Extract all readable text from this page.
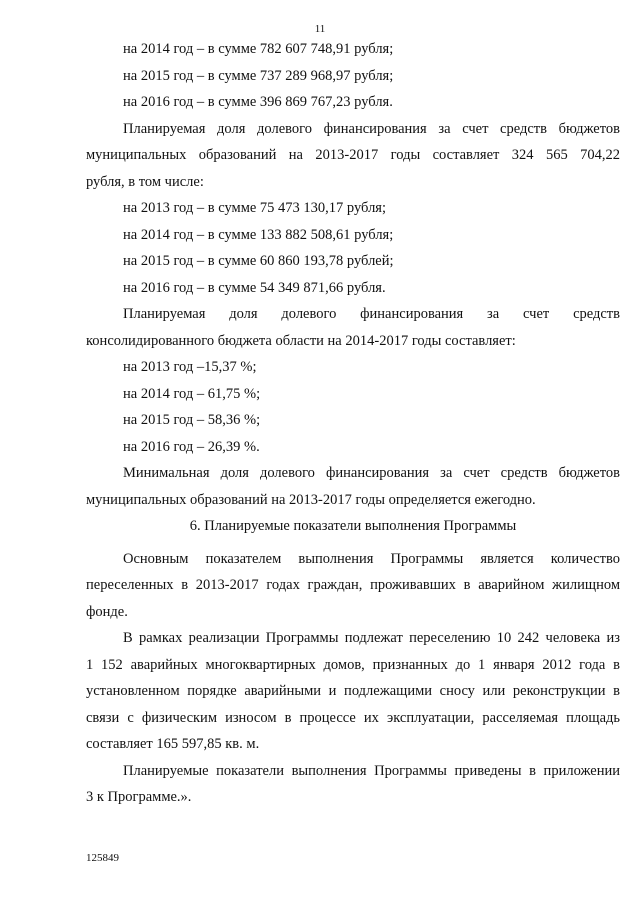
11
на 2014 год – в сумме 782 607 748,91 рубля;
на 2015 год – в сумме 737 289 968,97 рубля;
на 2016 год – в сумме 396 869 767,23 рубля.
Планируемая доля долевого финансирования за счет средств бюджетов
муниципальных образований на 2013-2017 годы составляет 324 565 704,22
рубля, в том числе:
на 2013 год – в сумме 75 473 130,17 рубля;
на 2014 год – в сумме 133 882 508,61 рубля;
на 2015 год – в сумме 60 860 193,78 рублей;
на 2016 год – в сумме 54 349 871,66 рубля.
Планируемая доля долевого финансирования за счет средств
консолидированного бюджета области на 2014-2017 годы составляет:
на 2013 год –15,37 %;
на 2014 год – 61,75 %;
на 2015 год – 58,36 %;
на 2016 год – 26,39 %.
Минимальная доля долевого финансирования за счет средств бюджетов
муниципальных образований на 2013-2017 годы определяется ежегодно.
6. Планируемые показатели выполнения Программы
Основным показателем выполнения Программы является количество
переселенных в 2013-2017 годах граждан, проживавших в аварийном жилищном
фонде.
В рамках реализации Программы подлежат переселению 10 242 человека из
1 152 аварийных многоквартирных домов, признанных до 1 января 2012 года в
установленном порядке аварийными и подлежащими сносу или реконструкции в
связи с физическим износом в процессе их эксплуатации, расселяемая площадь
составляет 165 597,85 кв. м.
Планируемые показатели выполнения Программы приведены в приложении
3 к Программе.».
125849
